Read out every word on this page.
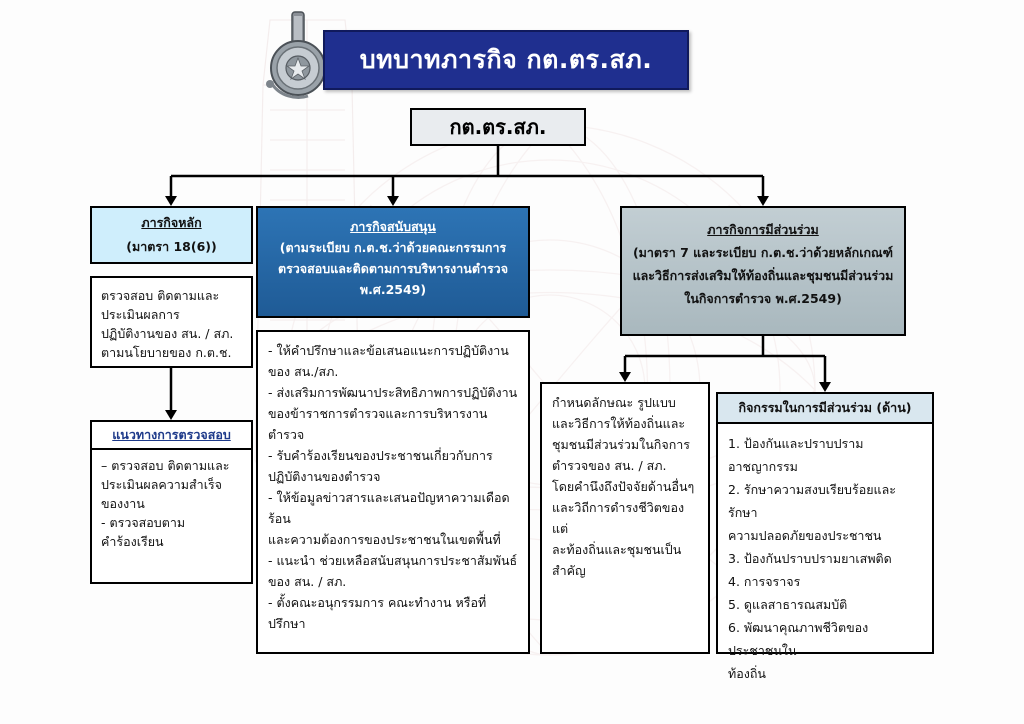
บทบาทภารกิจ กต.ตร.สภ.
กต.ตร.สภ.
ภารกิจหลัก
(มาตรา 18(6))

ตรวจสอบ ติดตามและ

ประเมินผลการ

ปฏิบัติงานของ สน. / สภ.

ตามนโยบายของ ก.ต.ช.

แนวทางการตรวจสอบ

– ตรวจสอบ ติดตามและ

ประเมินผลความสำเร็จ

ของงาน

- ตรวจสอบตาม

คำร้องเรียน

ภารกิจสนับสนุน
(ตามระเบียบ ก.ต.ช.ว่าด้วยคณะกรรมการ
ตรวจสอบและติดตามการบริหารงานตำรวจ
พ.ศ.2549)

- ให้คำปรึกษาและข้อเสนอแนะการปฏิบัติงาน

ของ สน./สภ.

- ส่งเสริมการพัฒนาประสิทธิภาพการปฏิบัติงาน

ของข้าราชการตำรวจและการบริหารงานตำรวจ

- รับคำร้องเรียนของประชาชนเกี่ยวกับการ

ปฏิบัติงานของตำรวจ

- ให้ข้อมูลข่าวสารและเสนอปัญหาความเดือดร้อน

และความต้องการของประชาชนในเขตพื้นที่

- แนะนำ ช่วยเหลือสนับสนุนการประชาสัมพันธ์

ของ สน. / สภ.

- ตั้งคณะอนุกรรมการ คณะทำงาน หรือที่ปรึกษา

ภารกิจการมีส่วนร่วม
(มาตรา 7 และระเบียบ ก.ต.ช.ว่าด้วยหลักเกณฑ์
และวิธีการส่งเสริมให้ท้องถิ่นและชุมชนมีส่วนร่วม
ในกิจการตำรวจ พ.ศ.2549)

กำหนดลักษณะ รูปแบบ

และวิธีการให้ท้องถิ่นและ

ชุมชนมีส่วนร่วมในกิจการ

ตำรวจของ สน. / สภ.

โดยคำนึงถึงปัจจัยด้านอื่นๆ

และวิถีการดำรงชีวิตของแต่

ละท้องถิ่นและชุมชนเป็น

สำคัญ

กิจกรรมในการมีส่วนร่วม (ด้าน)

1. ป้องกันและปราบปรามอาชญากรรม

2. รักษาความสงบเรียบร้อยและรักษา

ความปลอดภัยของประชาชน

3. ป้องกันปราบปรามยาเสพติด

4. การจราจร

5. ดูแลสาธารณสมบัติ

6. พัฒนาคุณภาพชีวิตของประชาชนใน

ท้องถิ่น
